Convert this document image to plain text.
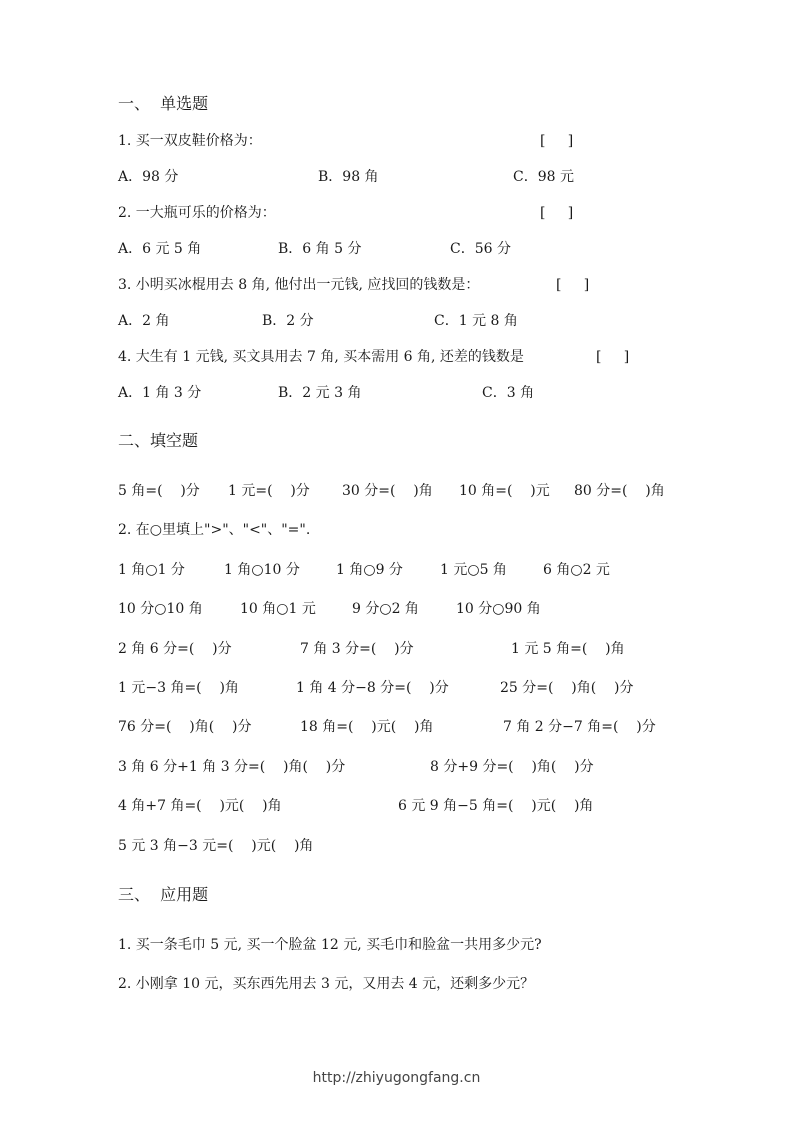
一、  单选题
1. 买一双皮鞋价格为：	[     ]
A．98 分	B．98 角	C．98 元
2. 一大瓶可乐的价格为：	[     ]
A．6 元 5 角	B．6 角 5 分	C．56 分
3. 小明买冰棍用去 8 角, 他付出一元钱, 应找回的钱数是：	[     ]
A．2 角	B．2 分	C．1 元 8 角
4. 大生有 1 元钱, 买文具用去 7 角, 买本需用 6 角, 还差的钱数是	[     ]
A．1 角 3 分	B．2 元 3 角	C．3 角
二、填空题
5 角=(    )分 1 元=(    )分 30 分=(    )角 10 角=(    )元 80 分=(    )角
2. 在○里填上">"、"<"、"=".
1 角○1 分	1 角○10 分	1 角○9 分	1 元○5 角	6 角○2 元
10 分○10 角	10 角○1 元	9 分○2 角	10 分○90 角
2 角 6 分=(    )分	7 角 3 分=(    )分	1 元 5 角=(    )角
1 元−3 角=(    )角	1 角 4 分−8 分=(    )分	25 分=(    )角(    )分
76 分=(    )角(    )分	18 角=(    )元(    )角	7 角 2 分−7 角=(    )分
3 角 6 分+1 角 3 分=(    )角(    )分	8 分+9 分=(    )角(    )分
4 角+7 角=(    )元(    )角	6 元 9 角−5 角=(    )元(    )角
5 元 3 角−3 元=(    )元(    )角
三、  应用题
1. 买一条毛巾 5 元, 买一个脸盆 12 元, 买毛巾和脸盆一共用多少元?
2. 小刚拿 10 元，买东西先用去 3 元，又用去 4 元，还剩多少元？
http://zhiyugongfang.cn
